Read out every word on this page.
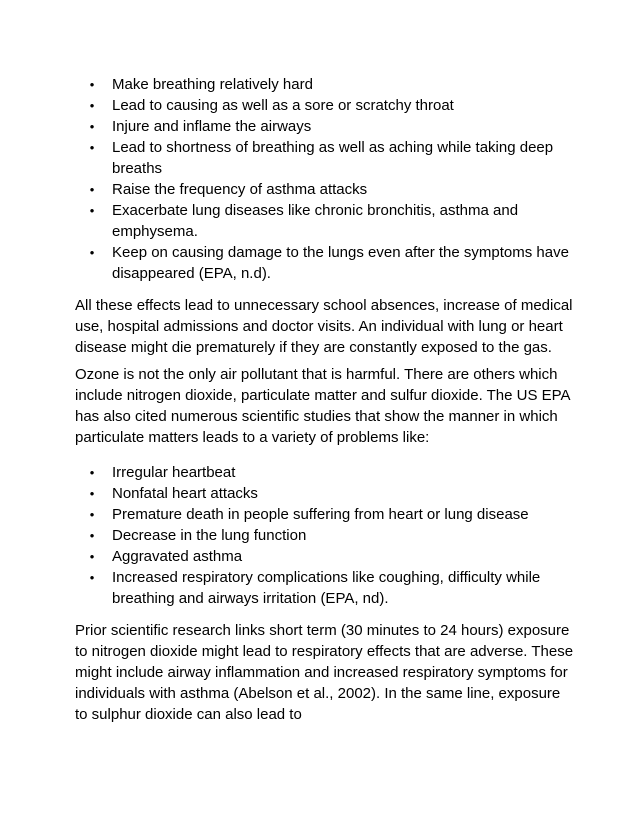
• Make breathing relatively hard
• Lead to causing as well as a sore or scratchy throat
• Injure and inflame the airways
• Lead to shortness of breathing as well as aching while taking deep breaths
• Raise the frequency of asthma attacks
• Exacerbate lung diseases like chronic bronchitis, asthma and emphysema.
• Keep on causing damage to the lungs even after the symptoms have disappeared (EPA, n.d).

All these effects lead to unnecessary school absences, increase of medical use, hospital admissions and doctor visits. An individual with lung or heart disease might die prematurely if they are constantly exposed to the gas.

Ozone is not the only air pollutant that is harmful. There are others which include nitrogen dioxide, particulate matter and sulfur dioxide. The US EPA has also cited numerous scientific studies that show the manner in which particulate matters leads to a variety of problems like:

• Irregular heartbeat
• Nonfatal heart attacks
• Premature death in people suffering from heart or lung disease
• Decrease in the lung function
• Aggravated asthma
• Increased respiratory complications like coughing, difficulty while breathing and airways irritation (EPA, nd).

Prior scientific research links short term (30 minutes to 24 hours) exposure to nitrogen dioxide might lead to respiratory effects that are adverse. These might include airway inflammation and increased respiratory symptoms for individuals with asthma (Abelson et al., 2002). In the same line, exposure to sulphur dioxide can also lead to
